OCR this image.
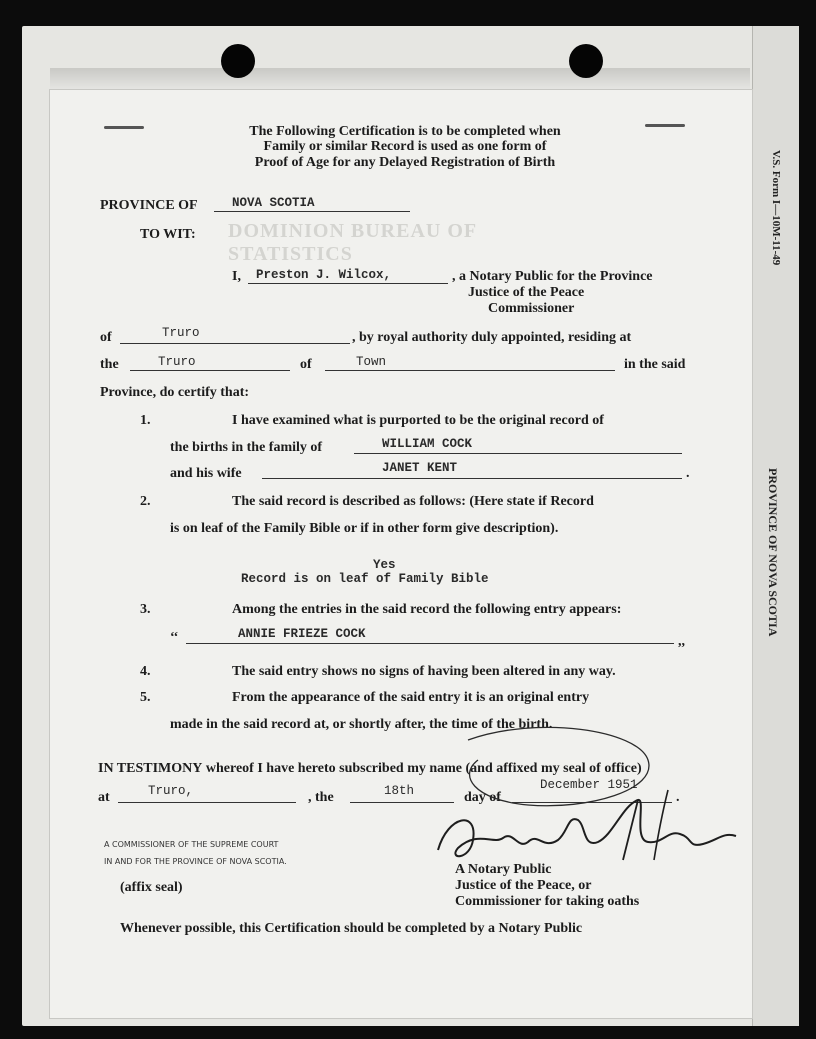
V.S. Form I—10M-11-49
PROVINCE OF NOVA SCOTIA
DOMINION BUREAU OF STATISTICS
The Following Certification is to be completed when
Family or similar Record is used as one form of
Proof of Age for any Delayed Registration of Birth
PROVINCE OF	NOVA SCOTIA
TO WIT:
I, Preston J. Wilcox,	, a Notary Public for the Province
Justice of the Peace
Commissioner
of	Truro	, by royal authority duly appointed, residing at
the	Truro	of	Town	in the said
Province, do certify that:
1.	I have examined what is purported to be the original record of
the births in the family of	WILLIAM COCK
and his wife	JANET KENT	.
2.	The said record is described as follows: (Here state if Record
is on leaf of the Family Bible or if in other form give description).
Yes
Record is on leaf of Family Bible
3.	Among the entries in the said record the following entry appears:
‘‘	ANNIE FRIEZE COCK	,,
4.	The said entry shows no signs of having been altered in any way.
5.	From the appearance of the said entry it is an original entry
made in the said record at, or shortly after, the time of the birth.
IN TESTIMONY whereof I have hereto subscribed my name (and affixed my seal of office)
at	Truro,	, the	18th	day of
December 1951
.
A COMMISSIONER OF THE SUPREME COURT
IN AND FOR THE PROVINCE OF NOVA SCOTIA.
(affix seal)
A Notary Public
Justice of the Peace, or
Commissioner for taking oaths
Whenever possible, this Certification should be completed by a Notary Public
